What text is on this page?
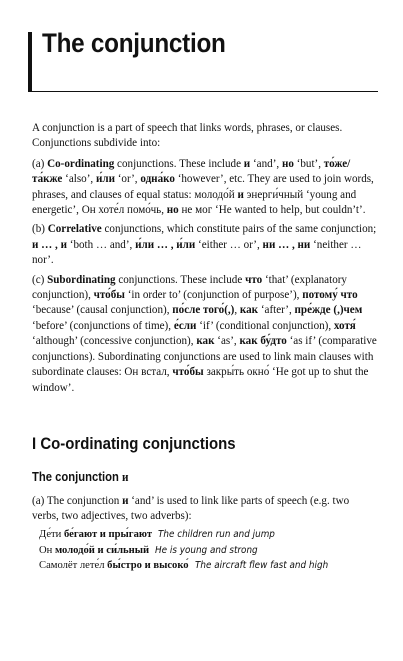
The conjunction

A conjunction is a part of speech that links words, phrases, or clauses. Conjunctions subdivide into:

(a) Co-ordinating conjunctions. These include и ‘and’, но ‘but’, то́же/ та́кже ‘also’, и́ли ‘or’, одна́ко ‘however’, etc. They are used to join words, phrases, and clauses of equal status: молодо́й и энерги́чный ‘young and energetic’, Он хоте́л помо́чь, но не мог ‘He wanted to help, but couldn’t’.

(b) Correlative conjunctions, which constitute pairs of the same conjunction; и … , и ‘both … and’, и́ли … , и́ли ‘either … or’, ни … , ни ‘neither … nor’.

(c) Subordinating conjunctions. These include что ‘that’ (explanatory conjunction), что́бы ‘in order to’ (conjunction of purpose’), потому́ что ‘because’ (causal conjunction), по́сле того́(,), как ‘after’, пре́жде (,)чем ‘before’ (conjunctions of time), е́сли ‘if’ (conditional conjunction), хотя́ ‘although’ (concessive conjunction), как ‘as’, как бу́дто ‘as if’ (comparative conjunctions). Subordinating conjunctions are used to link main clauses with subordinate clauses: Он встал, что́бы закры́ть окно́ ‘He got up to shut the window’.

I Co-ordinating conjunctions
The conjunction и

(a) The conjunction и ‘and’ is used to link like parts of speech (e.g. two verbs, two adjectives, two adverbs):

Де́ти бе́гают и пры́гают The children run and jump
Он молодо́й и си́льный He is young and strong
Самолёт лете́л бы́стро и высоко́ The aircraft flew fast and high
